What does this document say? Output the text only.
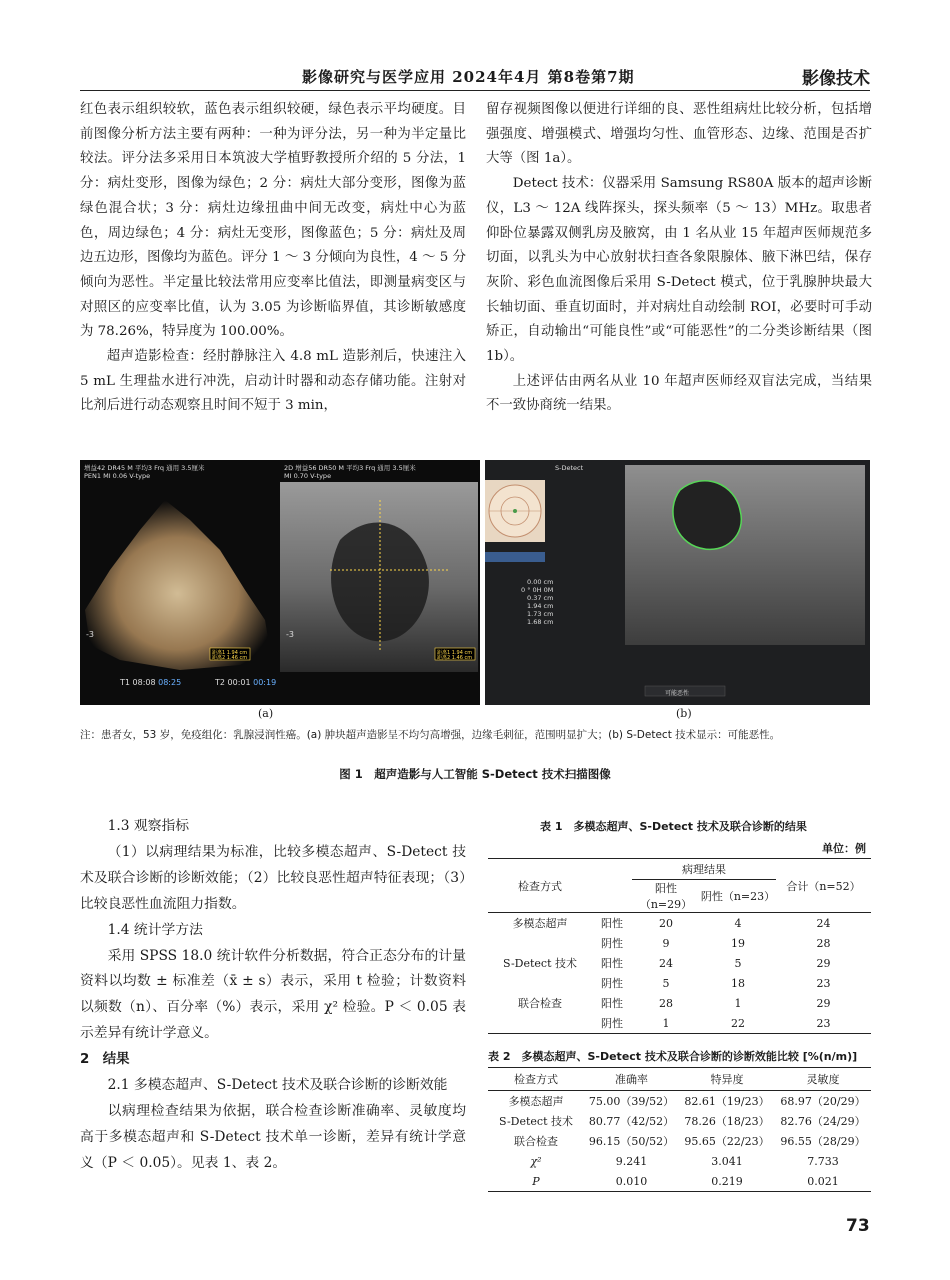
影像研究与医学应用 2024年4月 第8卷第7期	影像技术

红色表示组织较软，蓝色表示组织较硬，绿色表示平均硬度。目前图像分析方法主要有两种：一种为评分法，另一种为半定量比较法。评分法多采用日本筑波大学植野教授所介绍的 5 分法，1 分：病灶变形，图像为绿色；2 分：病灶大部分变形，图像为蓝绿色混合状；3 分：病灶边缘扭曲中间无改变，病灶中心为蓝色，周边绿色；4 分：病灶无变形，图像蓝色；5 分：病灶及周边五边形，图像均为蓝色。评分 1 ～ 3 分倾向为良性，4 ～ 5 分倾向为恶性。半定量比较法常用应变率比值法，即测量病变区与对照区的应变率比值，认为 3.05 为诊断临界值，其诊断敏感度为 78.26%，特异度为 100.00%。

超声造影检查：经肘静脉注入 4.8 mL 造影剂后，快速注入 5 mL 生理盐水进行冲洗，启动计时器和动态存储功能。注射对比剂后进行动态观察且时间不短于 3 min，

留存视频图像以便进行详细的良、恶性组病灶比较分析，包括增强强度、增强模式、增强均匀性、血管形态、边缘、范围是否扩大等（图 1a）。

Detect 技术：仪器采用 Samsung RS80A 版本的超声诊断仪，L3 ～ 12A 线阵探头，探头频率（5 ～ 13）MHz。取患者仰卧位暴露双侧乳房及腋窝，由 1 名从业 15 年超声医师规范多切面，以乳头为中心放射状扫查各象限腺体、腋下淋巴结，保存灰阶、彩色血流图像后采用 S-Detect 模式，位于乳腺肿块最大长轴切面、垂直切面时，并对病灶自动绘制 ROI，必要时可手动矫正，自动输出“可能良性”或“可能恶性”的二分类诊断结果（图 1b）。

上述评估由两名从业 10 年超声医师经双盲法完成，当结果不一致协商统一结果。

增益42 DR45 M 平均3 Frq 通用 3.5厘米
PEN1 MI 0.06 V-type
2D 增益56 DR50 M 平均3 Frq 通用 3.5厘米
MI 0.70 V-type
-3	-3
距离1 1.94 cm
距离2 1.46 cm
距离1 1.94 cm
距离2 1.46 cm
T1 08:08 08:25	T2 00:01 00:19
S-Detect
0.00 cm
0 ° 0H 0M
0.37 cm
1.94 cm
1.73 cm
1.68 cm
可能恶性
(a)	(b)
注：患者女，53 岁，免疫组化：乳腺浸润性癌。(a) 肿块超声造影呈不均匀高增强，边缘毛刺征，范围明显扩大；(b) S-Detect 技术显示：可能恶性。
图 1　超声造影与人工智能 S-Detect 技术扫描图像

1.3 观察指标

（1）以病理结果为标准，比较多模态超声、S-Detect 技术及联合诊断的诊断效能；（2）比较良恶性超声特征表现；（3）比较良恶性血流阻力指数。

1.4 统计学方法

采用 SPSS 18.0 统计软件分析数据，符合正态分布的计量资料以均数 ± 标准差（x̄ ± s）表示，采用 t 检验；计数资料以频数（n）、百分率（%）表示，采用 χ² 检验。P ＜ 0.05 表示差异有统计学意义。

2　结果

2.1 多模态超声、S-Detect 技术及联合诊断的诊断效能

以病理检查结果为依据，联合检查诊断准确率、灵敏度均高于多模态超声和 S-Detect 技术单一诊断，差异有统计学意义（P ＜ 0.05）。见表 1、表 2。

表 1　多模态超声、S-Detect 技术及联合诊断的结果
单位：例
检查方式		病理结果		合计（n=52）
		阳性（n=29）	阴性（n=23）	
多模态超声	阳性	20	4	24
	阴性	9	19	28
S-Detect 技术	阳性	24	5	29
	阴性	5	18	23
联合检查	阳性	28	1	29
	阴性	1	22	23
表 2　多模态超声、S-Detect 技术及联合诊断的诊断效能比较 [%(n/m)]
检查方式	准确率	特异度	灵敏度
多模态超声	75.00（39/52）	82.61（19/23）	68.97（20/29）
S-Detect 技术	80.77（42/52）	78.26（18/23）	82.76（24/29）
联合检查	96.15（50/52）	95.65（22/23）	96.55（28/29）
χ²	9.241	3.041	7.733
P	0.010	0.219	0.021
73
